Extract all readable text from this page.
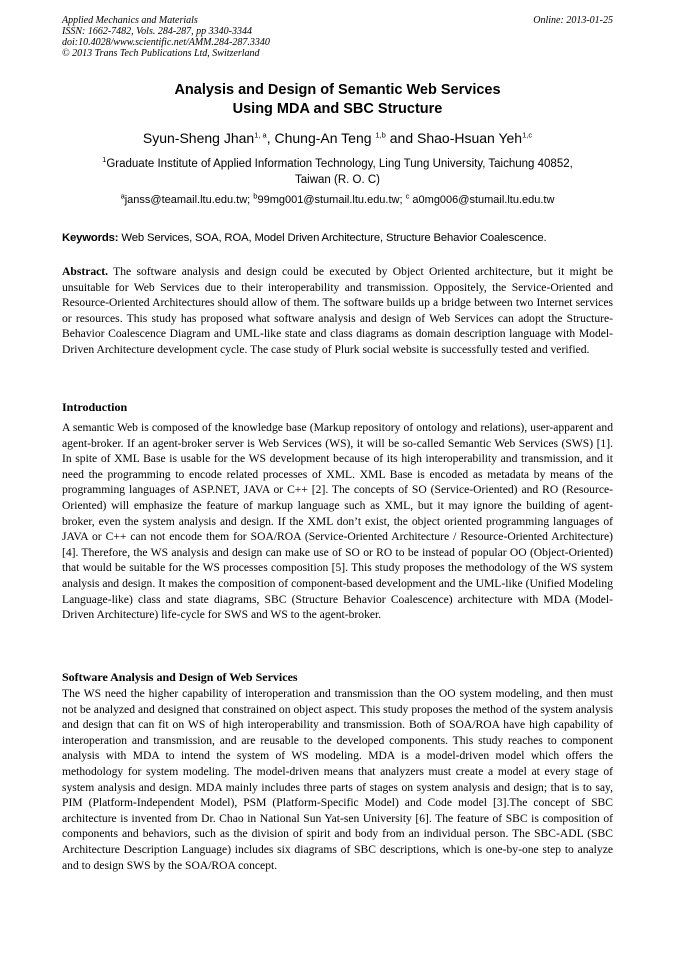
Applied Mechanics and Materials
ISSN: 1662-7482, Vols. 284-287, pp 3340-3344
doi:10.4028/www.scientific.net/AMM.284-287.3340
© 2013 Trans Tech Publications Ltd, Switzerland
Online: 2013-01-25
Analysis and Design of Semantic Web Services
Using MDA and SBC Structure
Syun-Sheng Jhan$^{1, a}$, Chung-An Teng $^{1,b}$ and Shao-Hsuan Yeh$^{1,c}$
$^1$Graduate Institute of Applied Information Technology, Ling Tung University, Taichung 40852,
Taiwan (R. O. C)
$^a$janss@teamail.ltu.edu.tw; $^b$99mg001@stumail.ltu.edu.tw; $^c$ a0mg006@stumail.ltu.edu.tw
Keywords: Web Services, SOA, ROA, Model Driven Architecture, Structure Behavior Coalescence.
Abstract. The software analysis and design could be executed by Object Oriented architecture, but it might be unsuitable for Web Services due to their interoperability and transmission. Oppositely, the Service-Oriented and Resource-Oriented Architectures should allow of them. The software builds up a bridge between two Internet services or resources. This study has proposed what software analysis and design of Web Services can adopt the Structure-Behavior Coalescence Diagram and UML-like state and class diagrams as domain description language with Model-Driven Architecture development cycle. The case study of Plurk social website is successfully tested and verified.
Introduction
A semantic Web is composed of the knowledge base (Markup repository of ontology and relations), user-apparent and agent-broker. If an agent-broker server is Web Services (WS), it will be so-called Semantic Web Services (SWS) [1]. In spite of XML Base is usable for the WS development because of its high interoperability and transmission, and it need the programming to encode related processes of XML. XML Base is encoded as metadata by means of the programming languages of ASP.NET, JAVA or C++ [2]. The concepts of SO (Service-Oriented) and RO (Resource-Oriented) will emphasize the feature of markup language such as XML, but it may ignore the building of agent-broker, even the system analysis and design. If the XML don’t exist, the object oriented programming languages of JAVA or C++ can not encode them for SOA/ROA (Service-Oriented Architecture / Resource-Oriented Architecture) [4]. Therefore, the WS analysis and design can make use of SO or RO to be instead of popular OO (Object-Oriented) that would be suitable for the WS processes composition [5]. This study proposes the methodology of the WS system analysis and design. It makes the composition of component-based development and the UML-like (Unified Modeling Language-like) class and state diagrams, SBC (Structure Behavior Coalescence) architecture with MDA (Model-Driven Architecture) life-cycle for SWS and WS to the agent-broker.
Software Analysis and Design of Web Services
The WS need the higher capability of interoperation and transmission than the OO system modeling, and then must not be analyzed and designed that constrained on object aspect. This study proposes the method of the system analysis and design that can fit on WS of high interoperability and transmission. Both of SOA/ROA have high capability of interoperation and transmission, and are reusable to the developed components. This study reaches to component analysis with MDA to intend the system of WS modeling. MDA is a model-driven model which offers the methodology for system modeling. The model-driven means that analyzers must create a model at every stage of system analysis and design. MDA mainly includes three parts of stages on system analysis and design; that is to say, PIM (Platform-Independent Model), PSM (Platform-Specific Model) and Code model [3].The concept of SBC architecture is invented from Dr. Chao in National Sun Yat-sen University [6]. The feature of SBC is composition of components and behaviors, such as the division of spirit and body from an individual person. The SBC-ADL (SBC Architecture Description Language) includes six diagrams of SBC descriptions, which is one-by-one step to analyze and to design SWS by the SOA/ROA concept.
